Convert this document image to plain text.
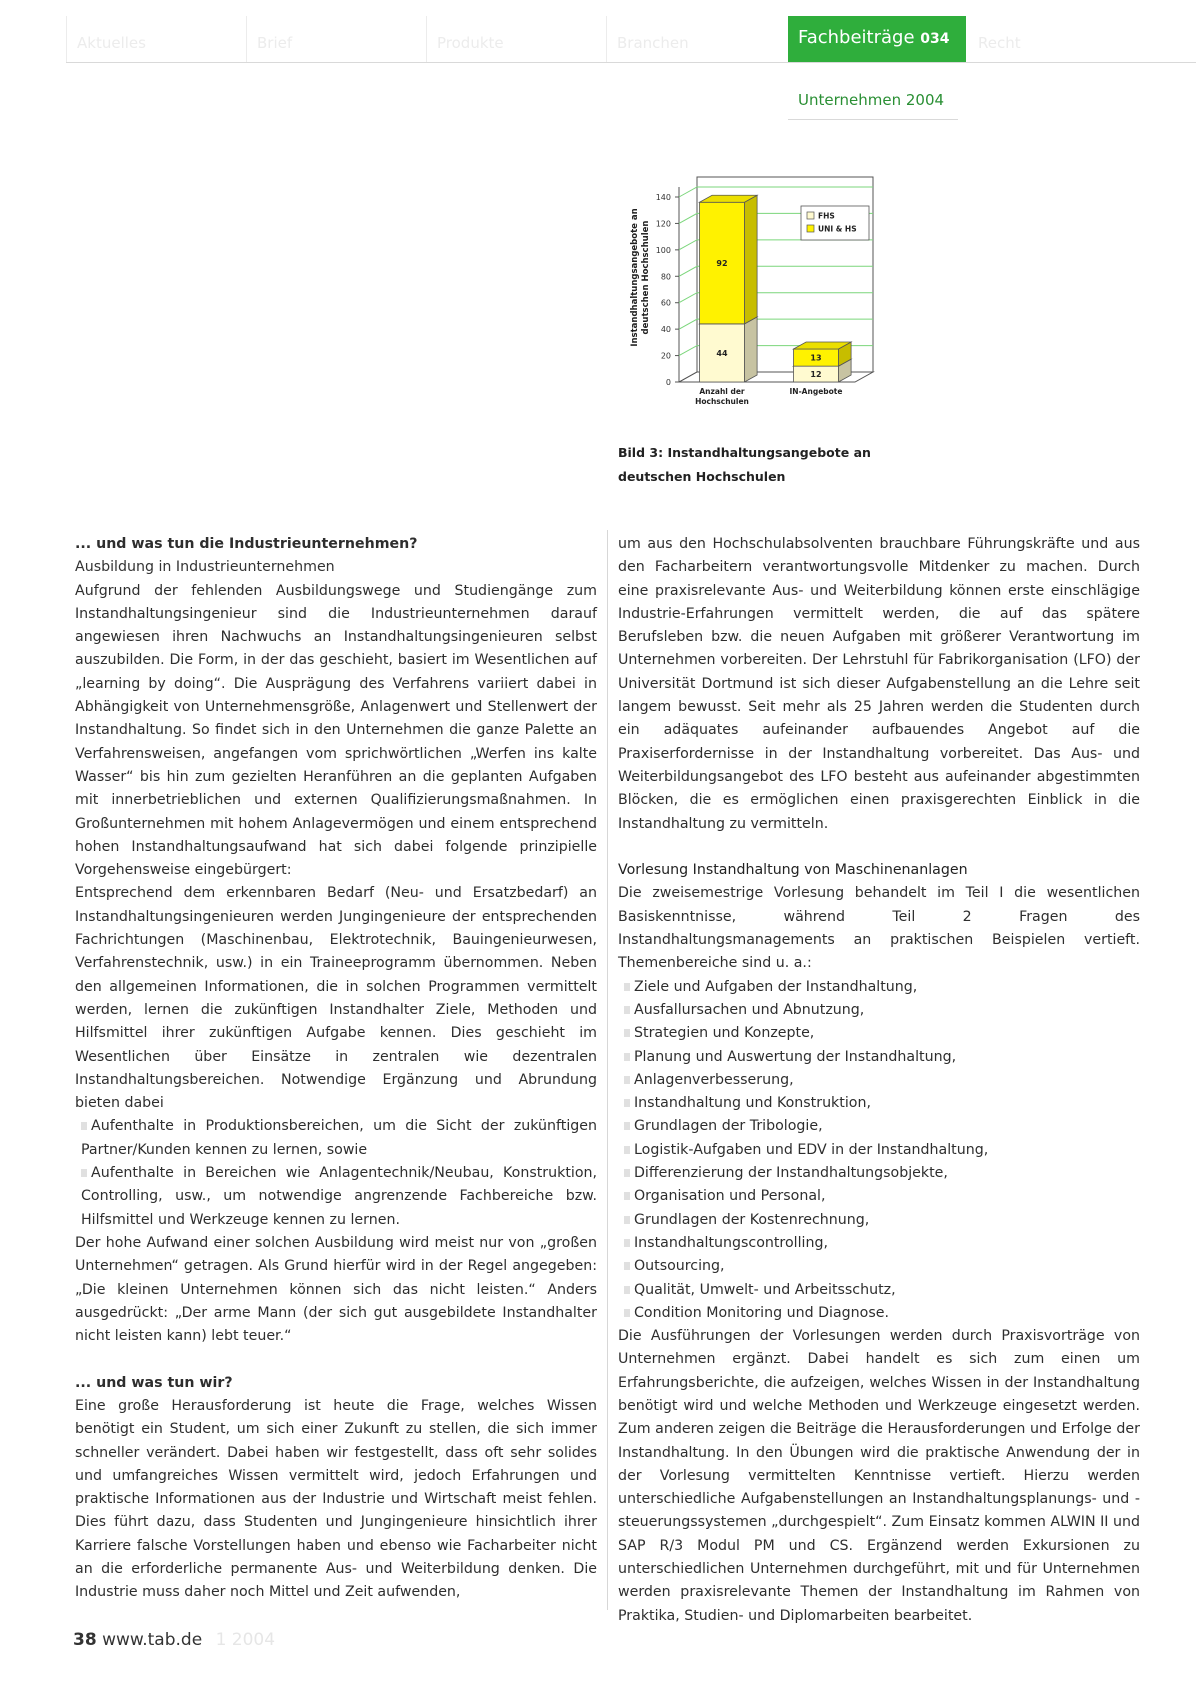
Aktuelles	Brief	Produkte	Branchen	Fachbeiträge 034	Recht
Unternehmen 2004
0
20
40
60
80
100
120
140
Instandhaltungsangebote andeutschen Hochschulen
44
92
Anzahl der Hochschulen
12
13
IN-Angebote
FHS
UNI & HS
Bild 3: Instandhaltungsangebote an
deutschen Hochschulen

... und was tun die Industrieunternehmen?

Ausbildung in Industrieunternehmen

Aufgrund der fehlenden Ausbildungswege und Studiengänge zum Instandhaltungsingenieur sind die Industrieunternehmen darauf angewiesen ihren Nachwuchs an Instandhaltungsingenieuren selbst auszubilden. Die Form, in der das geschieht, basiert im Wesentlichen auf „learning by doing“. Die Ausprägung des Verfahrens variiert dabei in Abhängigkeit von Unternehmensgröße, Anlagenwert und Stellenwert der Instandhaltung. So findet sich in den Unternehmen die ganze Palette an Verfahrensweisen, angefangen vom sprichwörtlichen „Werfen ins kalte Wasser“ bis hin zum gezielten Heranführen an die geplanten Aufgaben mit innerbetrieblichen und externen Qualifizierungsmaßnahmen. In Großunternehmen mit hohem Anlagevermögen und einem entsprechend hohen Instandhaltungsaufwand hat sich dabei folgende prinzipielle Vorgehensweise eingebürgert:

Entsprechend dem erkennbaren Bedarf (Neu- und Ersatzbedarf) an Instandhaltungsingenieuren werden Jungingenieure der entsprechenden Fachrichtungen (Maschinenbau, Elektrotechnik, Bauingenieurwesen, Verfahrenstechnik, usw.) in ein Traineeprogramm übernommen. Neben den allgemeinen Informationen, die in solchen Programmen vermittelt werden, lernen die zukünftigen Instandhalter Ziele, Methoden und Hilfsmittel ihrer zukünftigen Aufgabe kennen. Dies geschieht im Wesentlichen über Einsätze in zentralen wie dezentralen Instandhaltungsbereichen. Notwendige Ergänzung und Abrundung bieten dabei

Aufenthalte in Produktionsbereichen, um die Sicht der zukünftigen Partner/Kunden kennen zu lernen, sowie

Aufenthalte in Bereichen wie Anlagentechnik/Neubau, Konstruktion, Controlling, usw., um notwendige angrenzende Fachbereiche bzw. Hilfsmittel und Werkzeuge kennen zu lernen.

Der hohe Aufwand einer solchen Ausbildung wird meist nur von „großen Unternehmen“ getragen. Als Grund hierfür wird in der Regel angegeben: „Die kleinen Unternehmen können sich das nicht leisten.“ Anders ausgedrückt: „Der arme Mann (der sich gut ausgebildete Instandhalter nicht leisten kann) lebt teuer.“

... und was tun wir?

Eine große Herausforderung ist heute die Frage, welches Wissen benötigt ein Student, um sich einer Zukunft zu stellen, die sich immer schneller verändert. Dabei haben wir festgestellt, dass oft sehr solides und umfangreiches Wissen vermittelt wird, jedoch Erfahrungen und praktische Informationen aus der Industrie und Wirtschaft meist fehlen. Dies führt dazu, dass Studenten und Jungingenieure hinsichtlich ihrer Karriere falsche Vorstellungen haben und ebenso wie Facharbeiter nicht an die erforderliche permanente Aus- und Weiterbildung denken. Die Industrie muss daher noch Mittel und Zeit aufwenden,

um aus den Hochschulabsolventen brauchbare Führungskräfte und aus den Facharbeitern verantwortungsvolle Mitdenker zu machen. Durch eine praxisrelevante Aus- und Weiterbildung können erste einschlägige Industrie-Erfahrungen vermittelt werden, die auf das spätere Berufsleben bzw. die neuen Aufgaben mit größerer Verantwortung im Unternehmen vorbereiten. Der Lehrstuhl für Fabrikorganisation (LFO) der Universität Dortmund ist sich dieser Aufgabenstellung an die Lehre seit langem bewusst. Seit mehr als 25 Jahren werden die Studenten durch ein adäquates aufeinander aufbauendes Angebot auf die Praxiserfordernisse in der Instandhaltung vorbereitet. Das Aus- und Weiterbildungsangebot des LFO besteht aus aufeinander abgestimmten Blöcken, die es ermöglichen einen praxisgerechten Einblick in die Instandhaltung zu vermitteln.

Vorlesung Instandhaltung von Maschinenanlagen

Die zweisemestrige Vorlesung behandelt im Teil I die wesentlichen Basiskenntnisse, während Teil 2 Fragen des Instandhaltungsmanagements an praktischen Beispielen vertieft. Themenbereiche sind u. a.:

Ziele und Aufgaben der Instandhaltung,

Ausfallursachen und Abnutzung,

Strategien und Konzepte,

Planung und Auswertung der Instandhaltung,

Anlagenverbesserung,

Instandhaltung und Konstruktion,

Grundlagen der Tribologie,

Logistik-Aufgaben und EDV in der Instandhaltung,

Differenzierung der Instandhaltungsobjekte,

Organisation und Personal,

Grundlagen der Kostenrechnung,

Instandhaltungscontrolling,

Outsourcing,

Qualität, Umwelt- und Arbeitsschutz,

Condition Monitoring und Diagnose.

Die Ausführungen der Vorlesungen werden durch Praxisvorträge von Unternehmen ergänzt. Dabei handelt es sich zum einen um Erfahrungsberichte, die aufzeigen, welches Wissen in der Instandhaltung benötigt wird und welche Methoden und Werkzeuge eingesetzt werden. Zum anderen zeigen die Beiträge die Herausforderungen und Erfolge der Instandhaltung. In den Übungen wird die praktische Anwendung der in der Vorlesung vermittelten Kenntnisse vertieft. Hierzu werden unterschiedliche Aufgabenstellungen an Instandhaltungsplanungs- und -steuerungssystemen „durchgespielt“. Zum Einsatz kommen ALWIN II und SAP R/3 Modul PM und CS. Ergänzend werden Exkursionen zu unterschiedlichen Unternehmen durchgeführt, mit und für Unternehmen werden praxisrelevante Themen der Instandhaltung im Rahmen von Praktika, Studien- und Diplomarbeiten bearbeitet.

38 www.tab.de 1 2004
